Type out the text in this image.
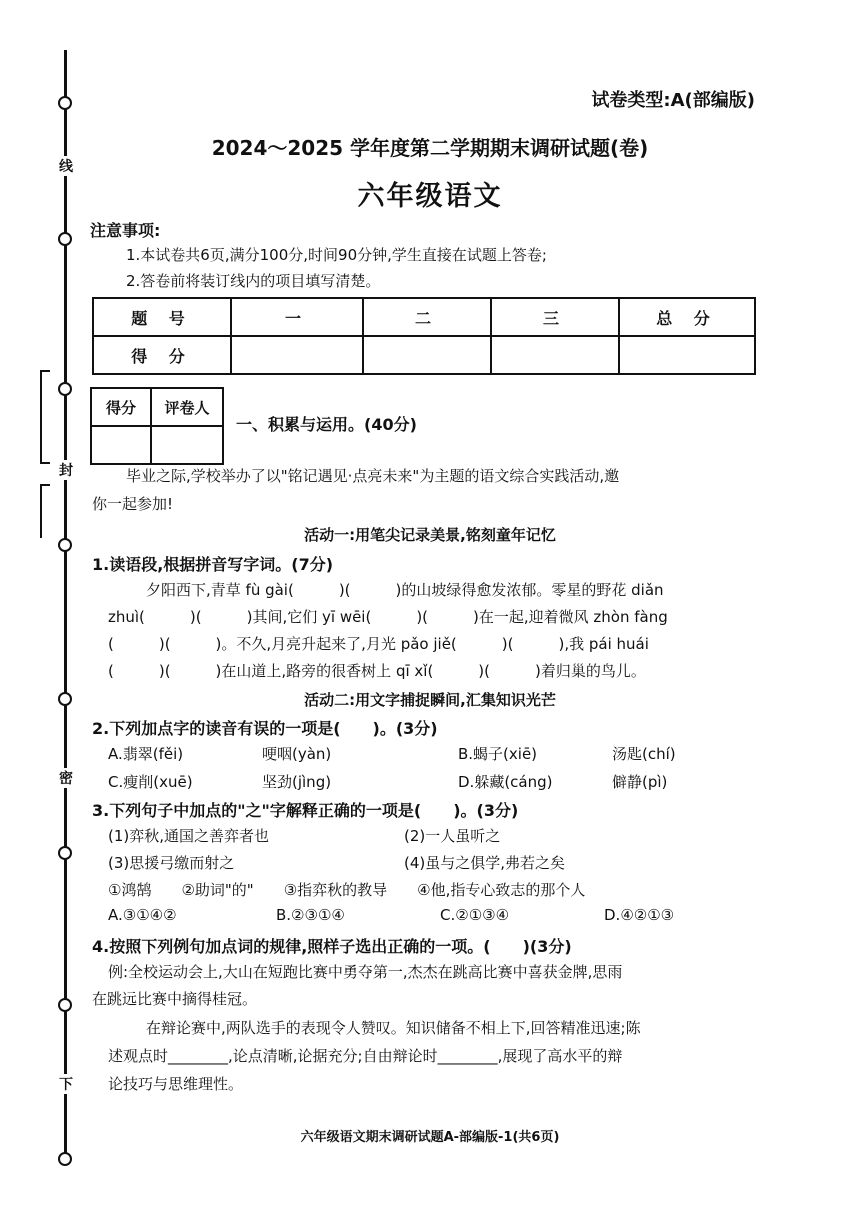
线
封
密
下
试卷类型:A(部编版)
2024～2025 学年度第二学期期末调研试题(卷)
六年级语文
注意事项:
1.本试卷共6页,满分100分,时间90分钟,学生直接在试题上答卷;
2.答卷前将装订线内的项目填写清楚。
题 号	一	二	三	总 分
得 分				
得分	评卷人

一、积累与运用。(40分)
毕业之际,学校举办了以"铭记遇见·点亮未来"为主题的语文综合实践活动,邀
你一起参加!
活动一:用笔尖记录美景,铭刻童年记忆
1.读语段,根据拼音写字词。(7分)
夕阳西下,青草 fù gài(　　　)(　　　)的山坡绿得愈发浓郁。零星的野花 diǎn
zhuì(　　　)(　　　)其间,它们 yī wēi(　　　)(　　　)在一起,迎着微风 zhòn fàng
(　　　)(　　　)。不久,月亮升起来了,月光 pǎo jiě(　　　)(　　　),我 pái huái
(　　　)(　　　)在山道上,路旁的很香树上 qī xǐ(　　　)(　　　)着归巢的鸟儿。
活动二:用文字捕捉瞬间,汇集知识光芒
2.下列加点字的读音有误的一项是(　　)。(3分)
A.翡翠(fěi)	哽咽(yàn)	B.蝎子(xiē)	汤匙(chí)
C.瘦削(xuē)	坚劲(jìng)	D.躲藏(cáng)	僻静(pì)
3.下列句子中加点的"之"字解释正确的一项是(　　)。(3分)
(1)弈秋,通国之善弈者也	(2)一人虽听之
(3)思援弓缴而射之	(4)虽与之俱学,弗若之矣
①鸿鹄　　②助词"的"　　③指弈秋的教导　　④他,指专心致志的那个人
A.③①④②	B.②③①④	C.②①③④	D.④②①③
4.按照下列例句加点词的规律,照样子选出正确的一项。(　　)(3分)
例:全校运动会上,大山在短跑比赛中勇夺第一,杰杰在跳高比赛中喜获金牌,思雨
在跳远比赛中摘得桂冠。
在辩论赛中,两队选手的表现令人赞叹。知识储备不相上下,回答精准迅速;陈
述观点时________,论点清晰,论据充分;自由辩论时________,展现了高水平的辩
论技巧与思维理性。
六年级语文期末调研试题A-部编版-1(共6页)
